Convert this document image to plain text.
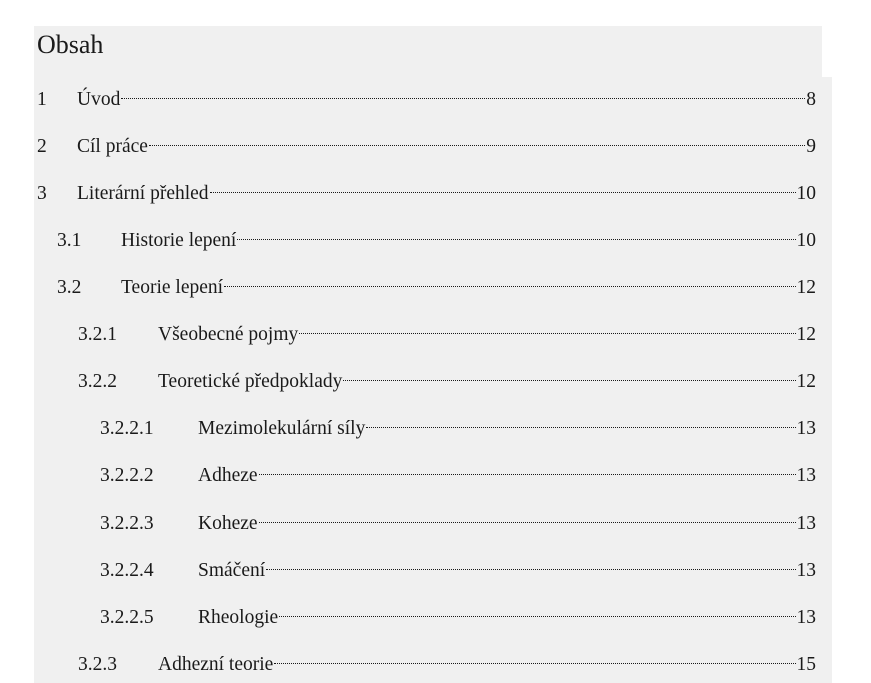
Obsah
1	Úvod	8
2	Cíl práce	9
3	Literární přehled	10
3.1	Historie lepení	10
3.2	Teorie lepení	12
3.2.1	Všeobecné pojmy	12
3.2.2	Teoretické předpoklady	12
3.2.2.1	Mezimolekulární síly	13
3.2.2.2	Adheze	13
3.2.2.3	Koheze	13
3.2.2.4	Smáčení	13
3.2.2.5	Rheologie	13
3.2.3	Adhezní teorie	15
